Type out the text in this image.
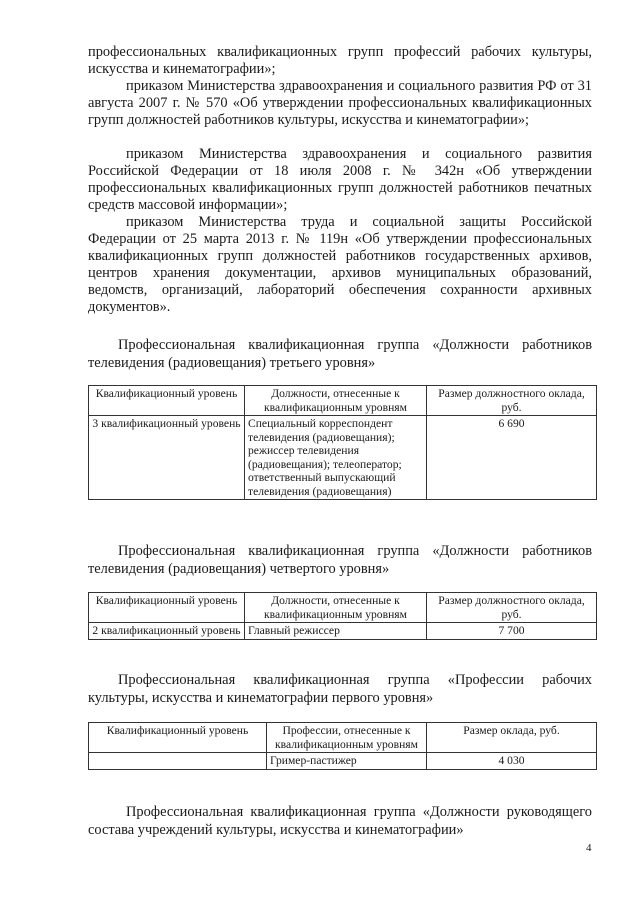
профессиональных квалификационных групп профессий рабочих культуры, искусства и кинематографии»;

приказом Министерства здравоохранения и социального развития РФ от 31 августа 2007 г. № 570 «Об утверждении профессиональных квалификационных групп должностей работников культуры, искусства и кинематографии»;

приказом Министерства здравоохранения и социального развития Российской Федерации от 18 июля 2008 г. № 342н «Об утверждении профессиональных квалификационных групп должностей работников печатных средств массовой информации»;

приказом Министерства труда и социальной защиты Российской Федерации от 25 марта 2013 г. № 119н «Об утверждении профессиональных квалификационных групп должностей работников государственных архивов, центров хранения документации, архивов муниципальных образований, ведомств, организаций, лабораторий обеспечения сохранности архивных документов».

Профессиональная квалификационная группа «Должности работников телевидения (радиовещания) третьего уровня»

Квалификационный уровень	Должности, отнесенные к квалификационным уровням	Размер должностного оклада, руб.
3 квалификационный уровень	Специальный корреспондент телевидения (радиовещания); режиссер телевидения (радиовещания); телеоператор; ответственный выпускающий телевидения (радиовещания)	6 690

Профессиональная квалификационная группа «Должности работников телевидения (радиовещания) четвертого уровня»

Квалификационный уровень	Должности, отнесенные к квалификационным уровням	Размер должностного оклада, руб.
2 квалификационный уровень	Главный режиссер	7 700

Профессиональная квалификационная группа «Профессии рабочих культуры, искусства и кинематографии первого уровня»

Квалификационный уровень	Профессии, отнесенные к квалификационным уровням	Размер оклада, руб.
	Гример-пастижер	4 030

Профессиональная квалификационная группа «Должности руководящего состава учреждений культуры, искусства и кинематографии»

4
